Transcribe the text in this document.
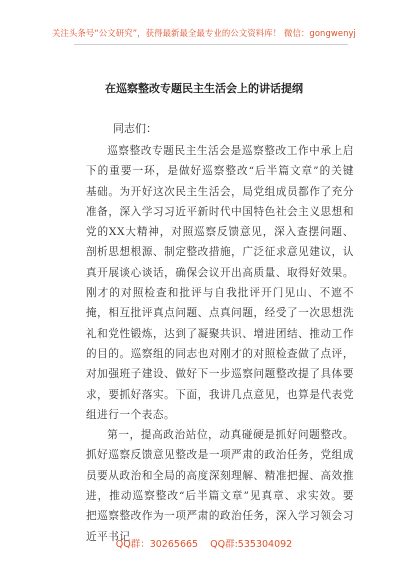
关注头条号“公文研究”，获得最新最全最专业的公文资料库！ 微信：gongwenyj
在巡察整改专题民主生活会上的讲话提纲
同志们：

巡察整改专题民主生活会是巡察整改工作中承上启下的重要一环，是做好巡察整改“后半篇文章”的关键基础。为开好这次民主生活会，局党组成员都作了充分准备，深入学习习近平新时代中国特色社会主义思想和党的XX大精神，对照巡察反馈意见，深入查摆问题、剖析思想根源、制定整改措施，广泛征求意见建议，认真开展谈心谈话，确保会议开出高质量、取得好效果。刚才的对照检查和批评与自我批评开门见山、不遮不掩，相互批评真点问题、点真问题，经受了一次思想洗礼和党性锻炼，达到了凝聚共识、增进团结、推动工作的目的。巡察组的同志也对刚才的对照检查做了点评，对加强班子建设、做好下一步巡察问题整改提了具体要求，要抓好落实。下面，我讲几点意见，也算是代表党组进行一个表态。

第一，提高政治站位，动真碰硬是抓好问题整改。抓好巡察反馈意见整改是一项严肃的政治任务，党组成员要从政治和全局的高度深刻理解、精准把握、高效推进，推动巡察整改“后半篇文章”见真章、求实效。要把巡察整改作为一项严肃的政治任务，深入学习领会习近平书记

QQ群：30265665    QQ群:535304092
